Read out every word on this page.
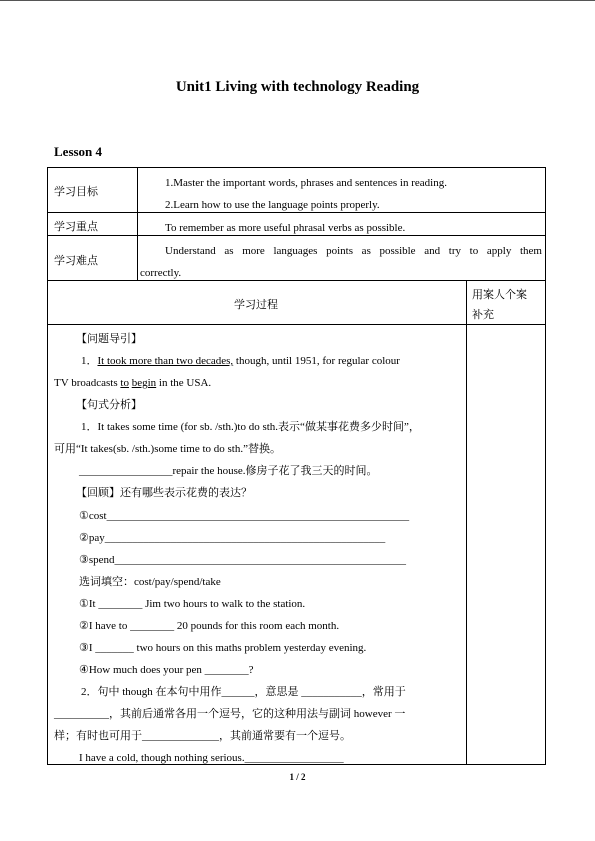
Unit1 Living with technology Reading
Lesson 4
学习目标
1.Master the important words, phrases and sentences in reading.
2.Learn how to use the language points properly.
学习重点	To remember as more useful phrasal verbs as possible.
学习难点
Understand as more languages points as possible and try to apply them
correctly.
学习过程
用案人个案
补充
【问题导引】
1．It took more than two decades, though, until 1951, for regular colour
TV broadcasts to begin in the USA.
【句式分析】
1．It takes some time (for sb. /sth.)to do sth.表示“做某事花费多少时间”，
可用“It takes(sb. /sth.)some time to do sth.”替换。
_________________repair the house.修房子花了我三天的时间。
【回顾】还有哪些表示花费的表达？
①cost_______________________________________________________
②pay___________________________________________________
③spend_____________________________________________________
选词填空：cost/pay/spend/take
①It ________ Jim two hours to walk to the station.
②I have to ________ 20 pounds for this room each month.
③I _______ two hours on this maths problem yesterday evening.
④How much does your pen ________?
2．句中 though 在本句中用作______，意思是 ___________，常用于
__________，其前后通常各用一个逗号，它的这种用法与副词 however 一
样；有时也可用于______________，其前通常要有一个逗号。
I have a cold, though nothing serious.__________________
1 / 2
